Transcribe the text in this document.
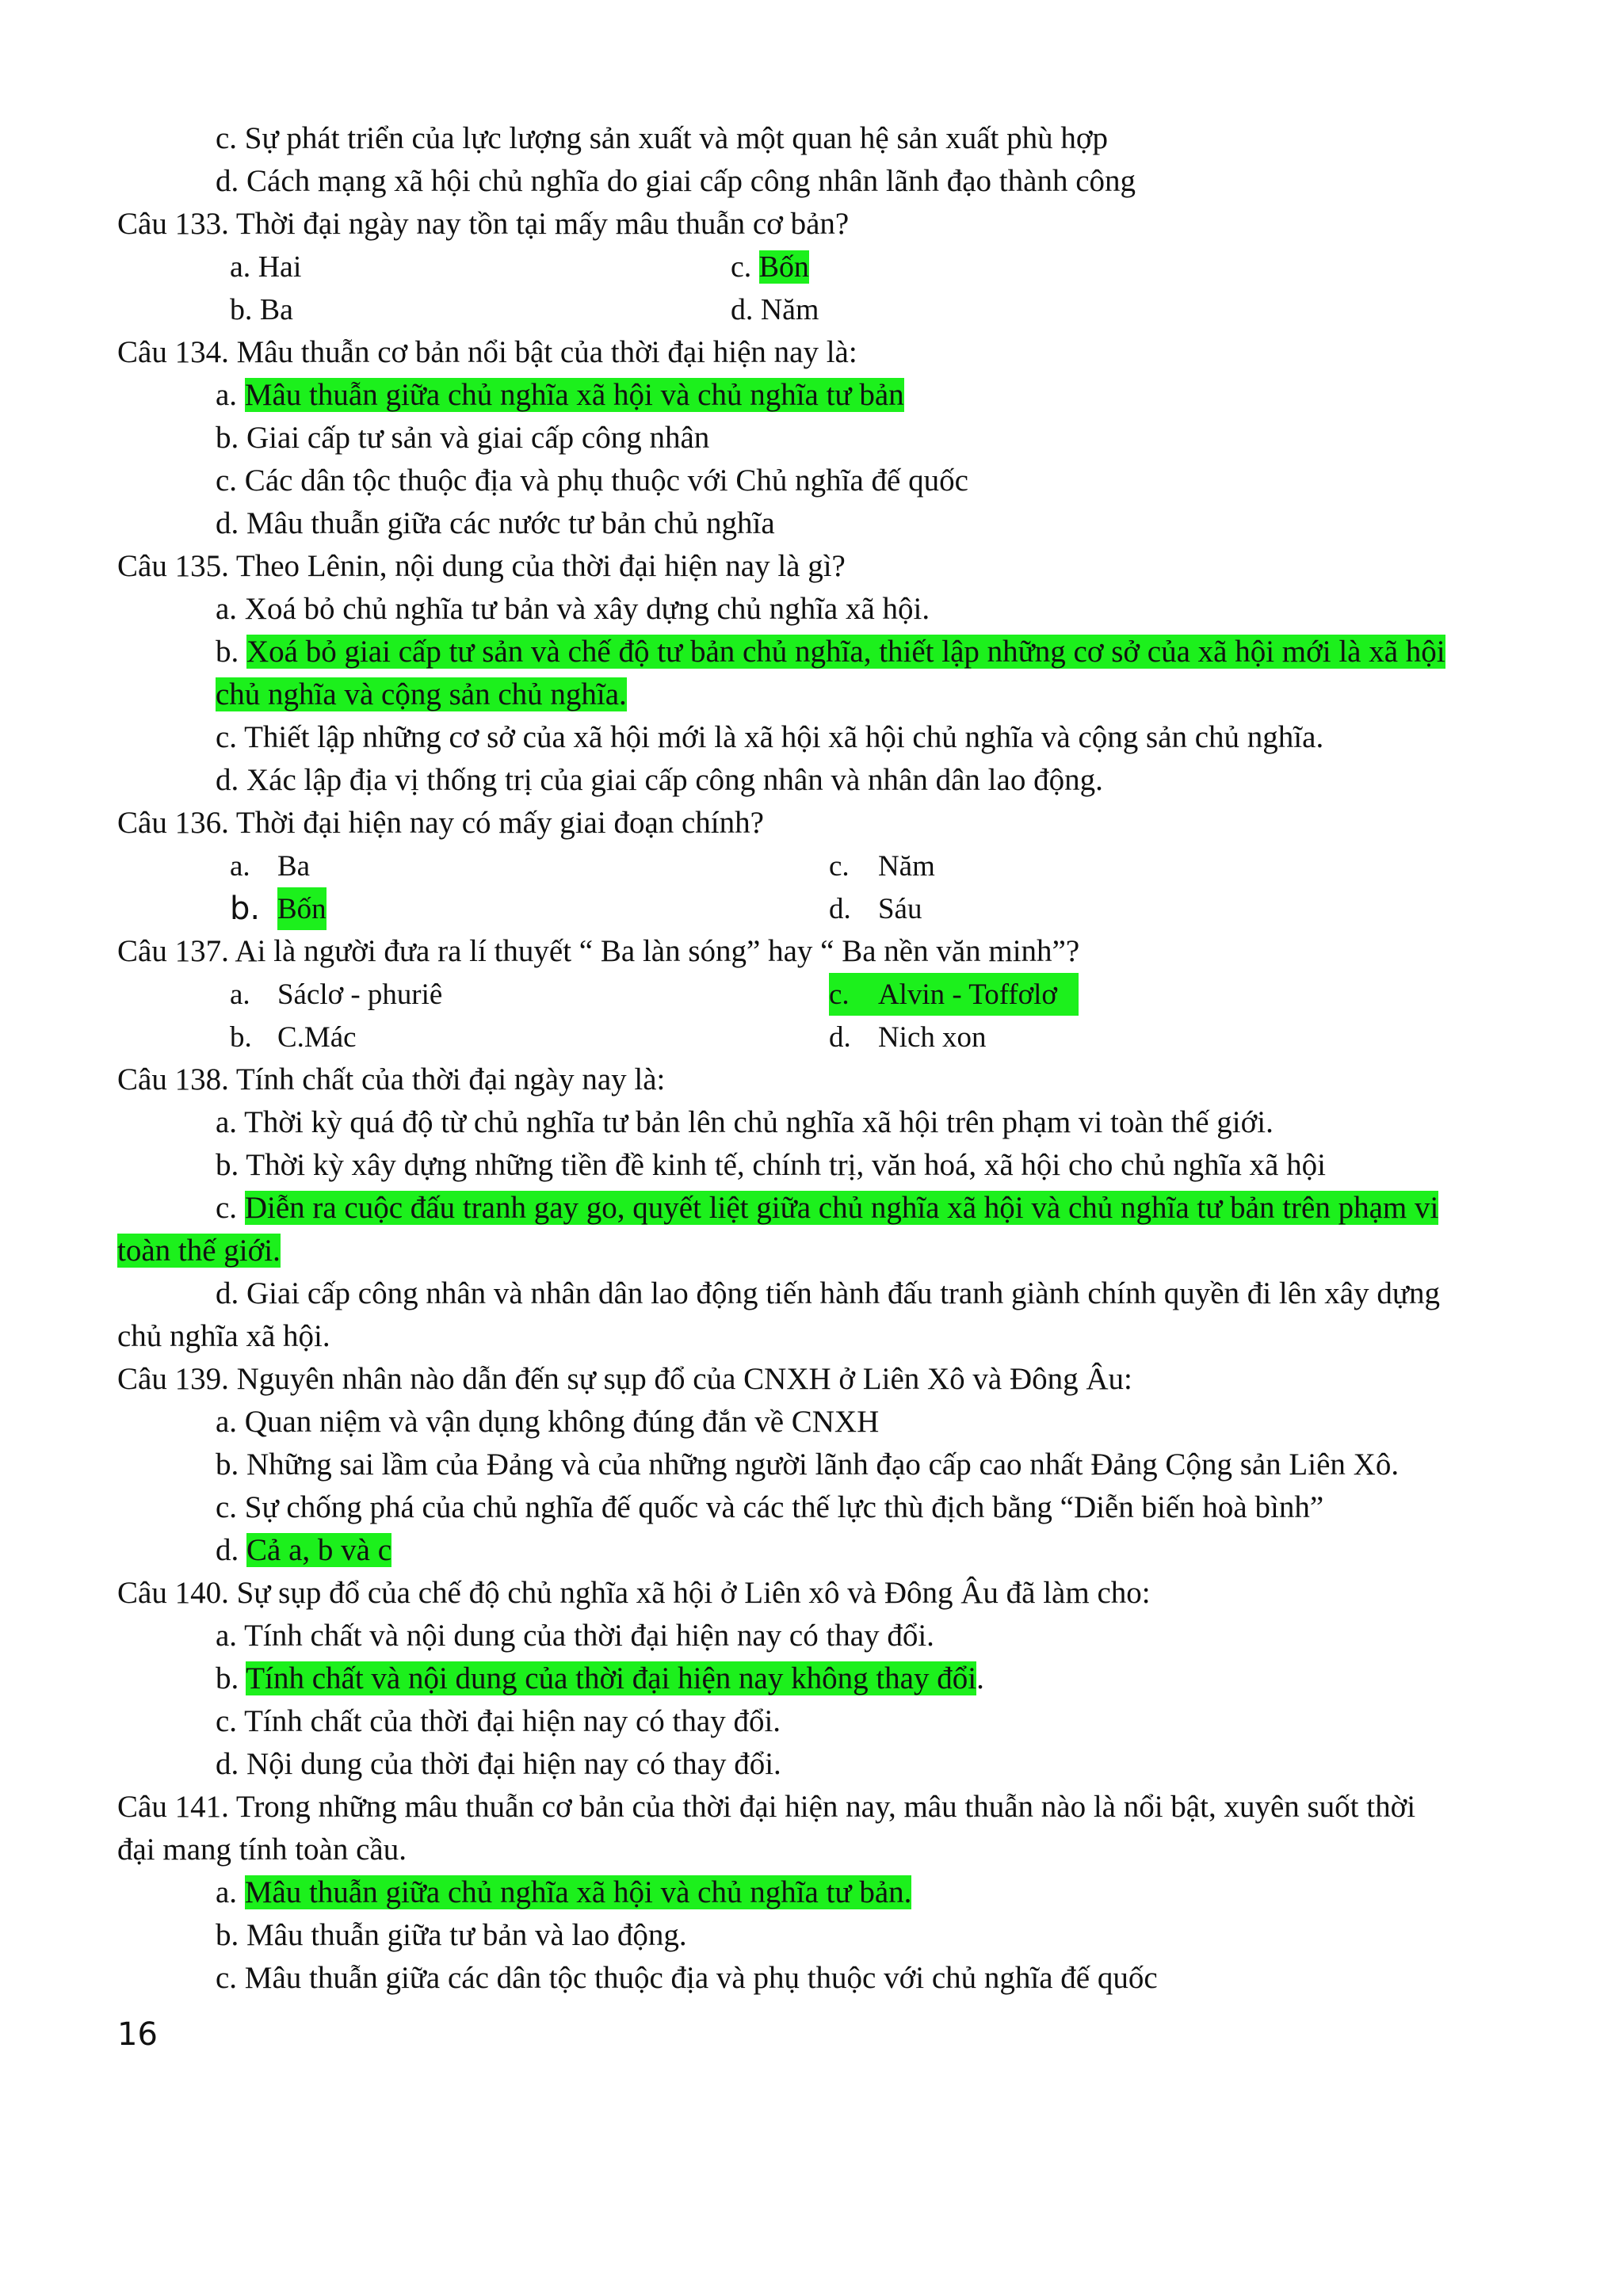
c. Sự phát triển của lực lượng sản xuất và một quan hệ sản xuất phù hợp
d. Cách mạng xã hội chủ nghĩa do giai cấp công nhân lãnh đạo thành công
Câu 133. Thời đại ngày nay tồn tại mấy mâu thuẫn cơ bản?
a. Hai	c. Bốn
b. Ba	d. Năm
Câu 134. Mâu thuẫn cơ bản nổi bật của thời đại hiện nay là:
a. Mâu thuẫn giữa chủ nghĩa xã hội và chủ nghĩa tư bản
b. Giai cấp tư sản và giai cấp công nhân
c. Các dân tộc thuộc địa và phụ thuộc với Chủ nghĩa đế quốc
d. Mâu thuẫn giữa các nước tư bản chủ nghĩa
Câu 135. Theo Lênin, nội dung của thời đại hiện nay là gì?
a. Xoá bỏ chủ nghĩa tư bản và xây dựng chủ nghĩa xã hội.
b. Xoá bỏ giai cấp tư sản và chế độ tư bản chủ nghĩa, thiết lập những cơ sở của xã hội mới là xã hội
chủ nghĩa và cộng sản chủ nghĩa.
c. Thiết lập những cơ sở của xã hội mới là xã hội xã hội chủ nghĩa và cộng sản chủ nghĩa.
d. Xác lập địa vị thống trị của giai cấp công nhân và nhân dân lao động.
Câu 136. Thời đại hiện nay có mấy giai đoạn chính?
a. Ba	c. Năm
b. Bốn	d. Sáu
Câu 137. Ai là người đưa ra lí thuyết “ Ba làn sóng” hay “ Ba nền văn minh”?
a. Sáclơ - phuriê	c. Alvin - Toffơlơ
b. C.Mác	d. Nich xon
Câu 138. Tính chất của thời đại ngày nay là:
a. Thời kỳ quá độ từ chủ nghĩa tư bản lên chủ nghĩa xã hội trên phạm vi toàn thế giới.
b. Thời kỳ xây dựng những tiền đề kinh tế, chính trị, văn hoá, xã hội cho chủ nghĩa xã hội
c. Diễn ra cuộc đấu tranh gay go, quyết liệt giữa chủ nghĩa xã hội và chủ nghĩa tư bản trên phạm vi
toàn thế giới.
d. Giai cấp công nhân và nhân dân lao động tiến hành đấu tranh giành chính quyền đi lên xây dựng
chủ nghĩa xã hội.
Câu 139. Nguyên nhân nào dẫn đến sự sụp đổ của CNXH ở Liên Xô và Đông Âu:
a. Quan niệm và vận dụng không đúng đắn về CNXH
b. Những sai lầm của Đảng và của những người lãnh đạo cấp cao nhất Đảng Cộng sản Liên Xô.
c. Sự chống phá của chủ nghĩa đế quốc và các thế lực thù địch bằng “Diễn biến hoà bình”
d. Cả a, b và c
Câu 140. Sự sụp đổ của chế độ chủ nghĩa xã hội ở Liên xô và Đông Âu đã làm cho:
a. Tính chất và nội dung của thời đại hiện nay có thay đổi.
b. Tính chất và nội dung của thời đại hiện nay không thay đổi.
c. Tính chất của thời đại hiện nay có thay đổi.
d. Nội dung của thời đại hiện nay có thay đổi.
Câu 141. Trong những mâu thuẫn cơ bản của thời đại hiện nay, mâu thuẫn nào là nổi bật, xuyên suốt thời
đại mang tính toàn cầu.
a. Mâu thuẫn giữa chủ nghĩa xã hội và chủ nghĩa tư bản.
b. Mâu thuẫn giữa tư bản và lao động.
c. Mâu thuẫn giữa các dân tộc thuộc địa và phụ thuộc với chủ nghĩa đế quốc
16
